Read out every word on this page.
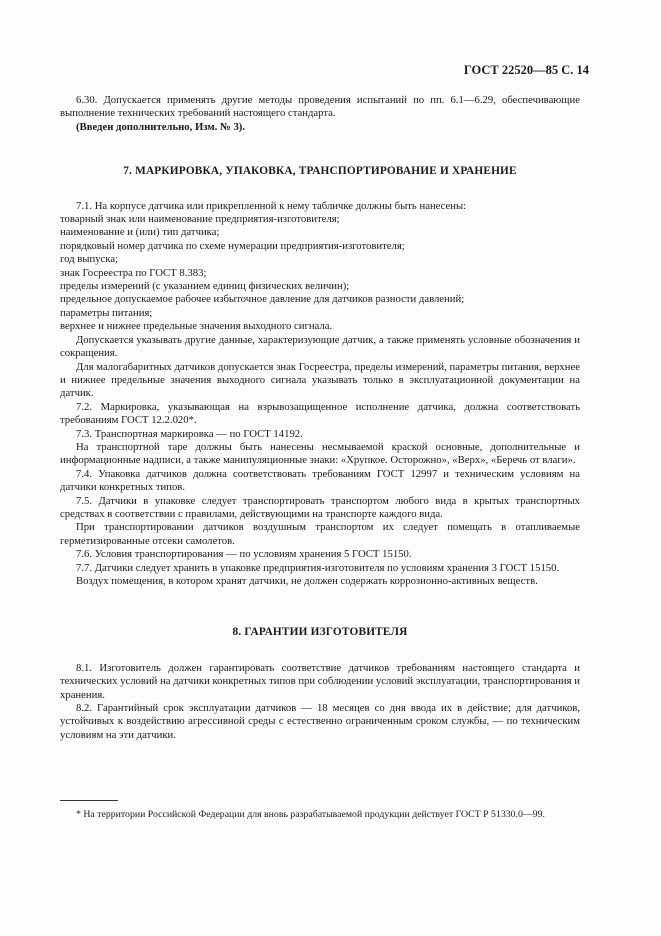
ГОСТ 22520—85 С. 14

6.30. Допускается применять другие методы проведения испытаний по пп. 6.1—6.29, обеспечивающие выполнение технических требований настоящего стандарта.

(Введен дополнительно, Изм. № 3).

7. МАРКИРОВКА, УПАКОВКА, ТРАНСПОРТИРОВАНИЕ И ХРАНЕНИЕ

7.1. На корпусе датчика или прикрепленной к нему табличке должны быть нанесены:

товарный знак или наименование предприятия-изготовителя;

наименование и (или) тип датчика;

порядковый номер датчика по схеме нумерации предприятия-изготовителя;

год выпуска;

знак Госреестра по ГОСТ 8.383;

пределы измерений (с указанием единиц физических величин);

предельное допускаемое рабочее избыточное давление для датчиков разности давлений;

параметры питания;

верхнее и нижнее предельные значения выходного сигнала.

Допускается указывать другие данные, характеризующие датчик, а также применять условные обозначения и сокращения.

Для малогабаритных датчиков допускается знак Госреестра, пределы измерений, параметры питания, верхнее и нижнее предельные значения выходного сигнала указывать только в эксплуатационной документации на датчик.

7.2. Маркировка, указывающая на взрывозащищенное исполнение датчика, должна соответствовать требованиям ГОСТ 12.2.020*.

7.3. Транспортная маркировка — по ГОСТ 14192.

На транспортной таре должны быть нанесены несмываемой краской основные, дополнительные и информационные надписи, а также манипуляционные знаки: «Хрупкое. Осторожно», «Верх», «Беречь от влаги».

7.4. Упаковка датчиков должна соответствовать требованиям ГОСТ 12997 и техническим условиям на датчики конкретных типов.

7.5. Датчики в упаковке следует транспортировать транспортом любого вида в крытых транспортных средствах в соответствии с правилами, действующими на транспорте каждого вида.

При транспортировании датчиков воздушным транспортом их следует помещать в отапливаемые герметизированные отсеки самолетов.

7.6. Условия транспортирования — по условиям хранения 5 ГОСТ 15150.

7.7. Датчики следует хранить в упаковке предприятия-изготовителя по условиям хранения 3 ГОСТ 15150.

Воздух помещения, в котором хранят датчики, не должен содержать коррозионно-активных веществ.

8. ГАРАНТИИ ИЗГОТОВИТЕЛЯ

8.1. Изготовитель должен гарантировать соответствие датчиков требованиям настоящего стандарта и технических условий на датчики конкретных типов при соблюдении условий эксплуатации, транспортирования и хранения.

8.2. Гарантийный срок эксплуатации датчиков — 18 месяцев со дня ввода их в действие; для датчиков, устойчивых к воздействию агрессивной среды с естественно ограниченным сроком службы, — по техническим условиям на эти датчики.

* На территории Российской Федерации для вновь разрабатываемой продукции действует ГОСТ Р 51330.0—99.
